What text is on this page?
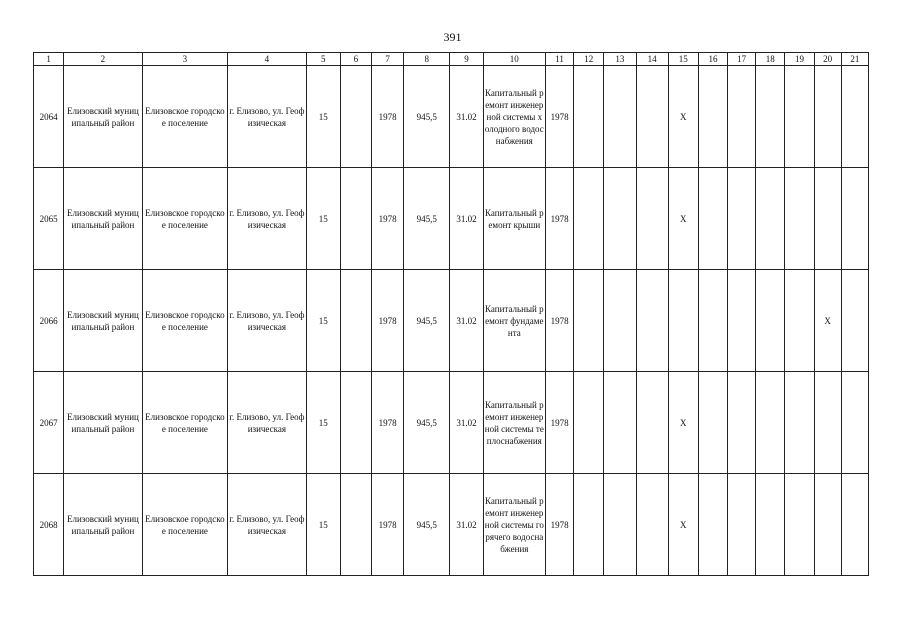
391
1	2	3	4	5	6	7	8	9	10	11	12	13	14	15	16	17	18	19	20	21
2064	Елизовский муниципальный район	Елизовское городское поселение	г. Елизово, ул. Геофизическая	15		1978	945,5	31.02	Капитальный ремонт инженерной системы холодного водоснабжения	1978				X						
2065	Елизовский муниципальный район	Елизовское городское поселение	г. Елизово, ул. Геофизическая	15		1978	945,5	31.02	Капитальный ремонт крыши	1978				X						
2066	Елизовский муниципальный район	Елизовское городское поселение	г. Елизово, ул. Геофизическая	15		1978	945,5	31.02	Капитальный ремонт фундамента	1978									X	
2067	Елизовский муниципальный район	Елизовское городское поселение	г. Елизово, ул. Геофизическая	15		1978	945,5	31.02	Капитальный ремонт инженерной системы теплоснабжения	1978				X						
2068	Елизовский муниципальный район	Елизовское городское поселение	г. Елизово, ул. Геофизическая	15		1978	945,5	31.02	Капитальный ремонт инженерной системы горячего водоснабжения	1978				X						
